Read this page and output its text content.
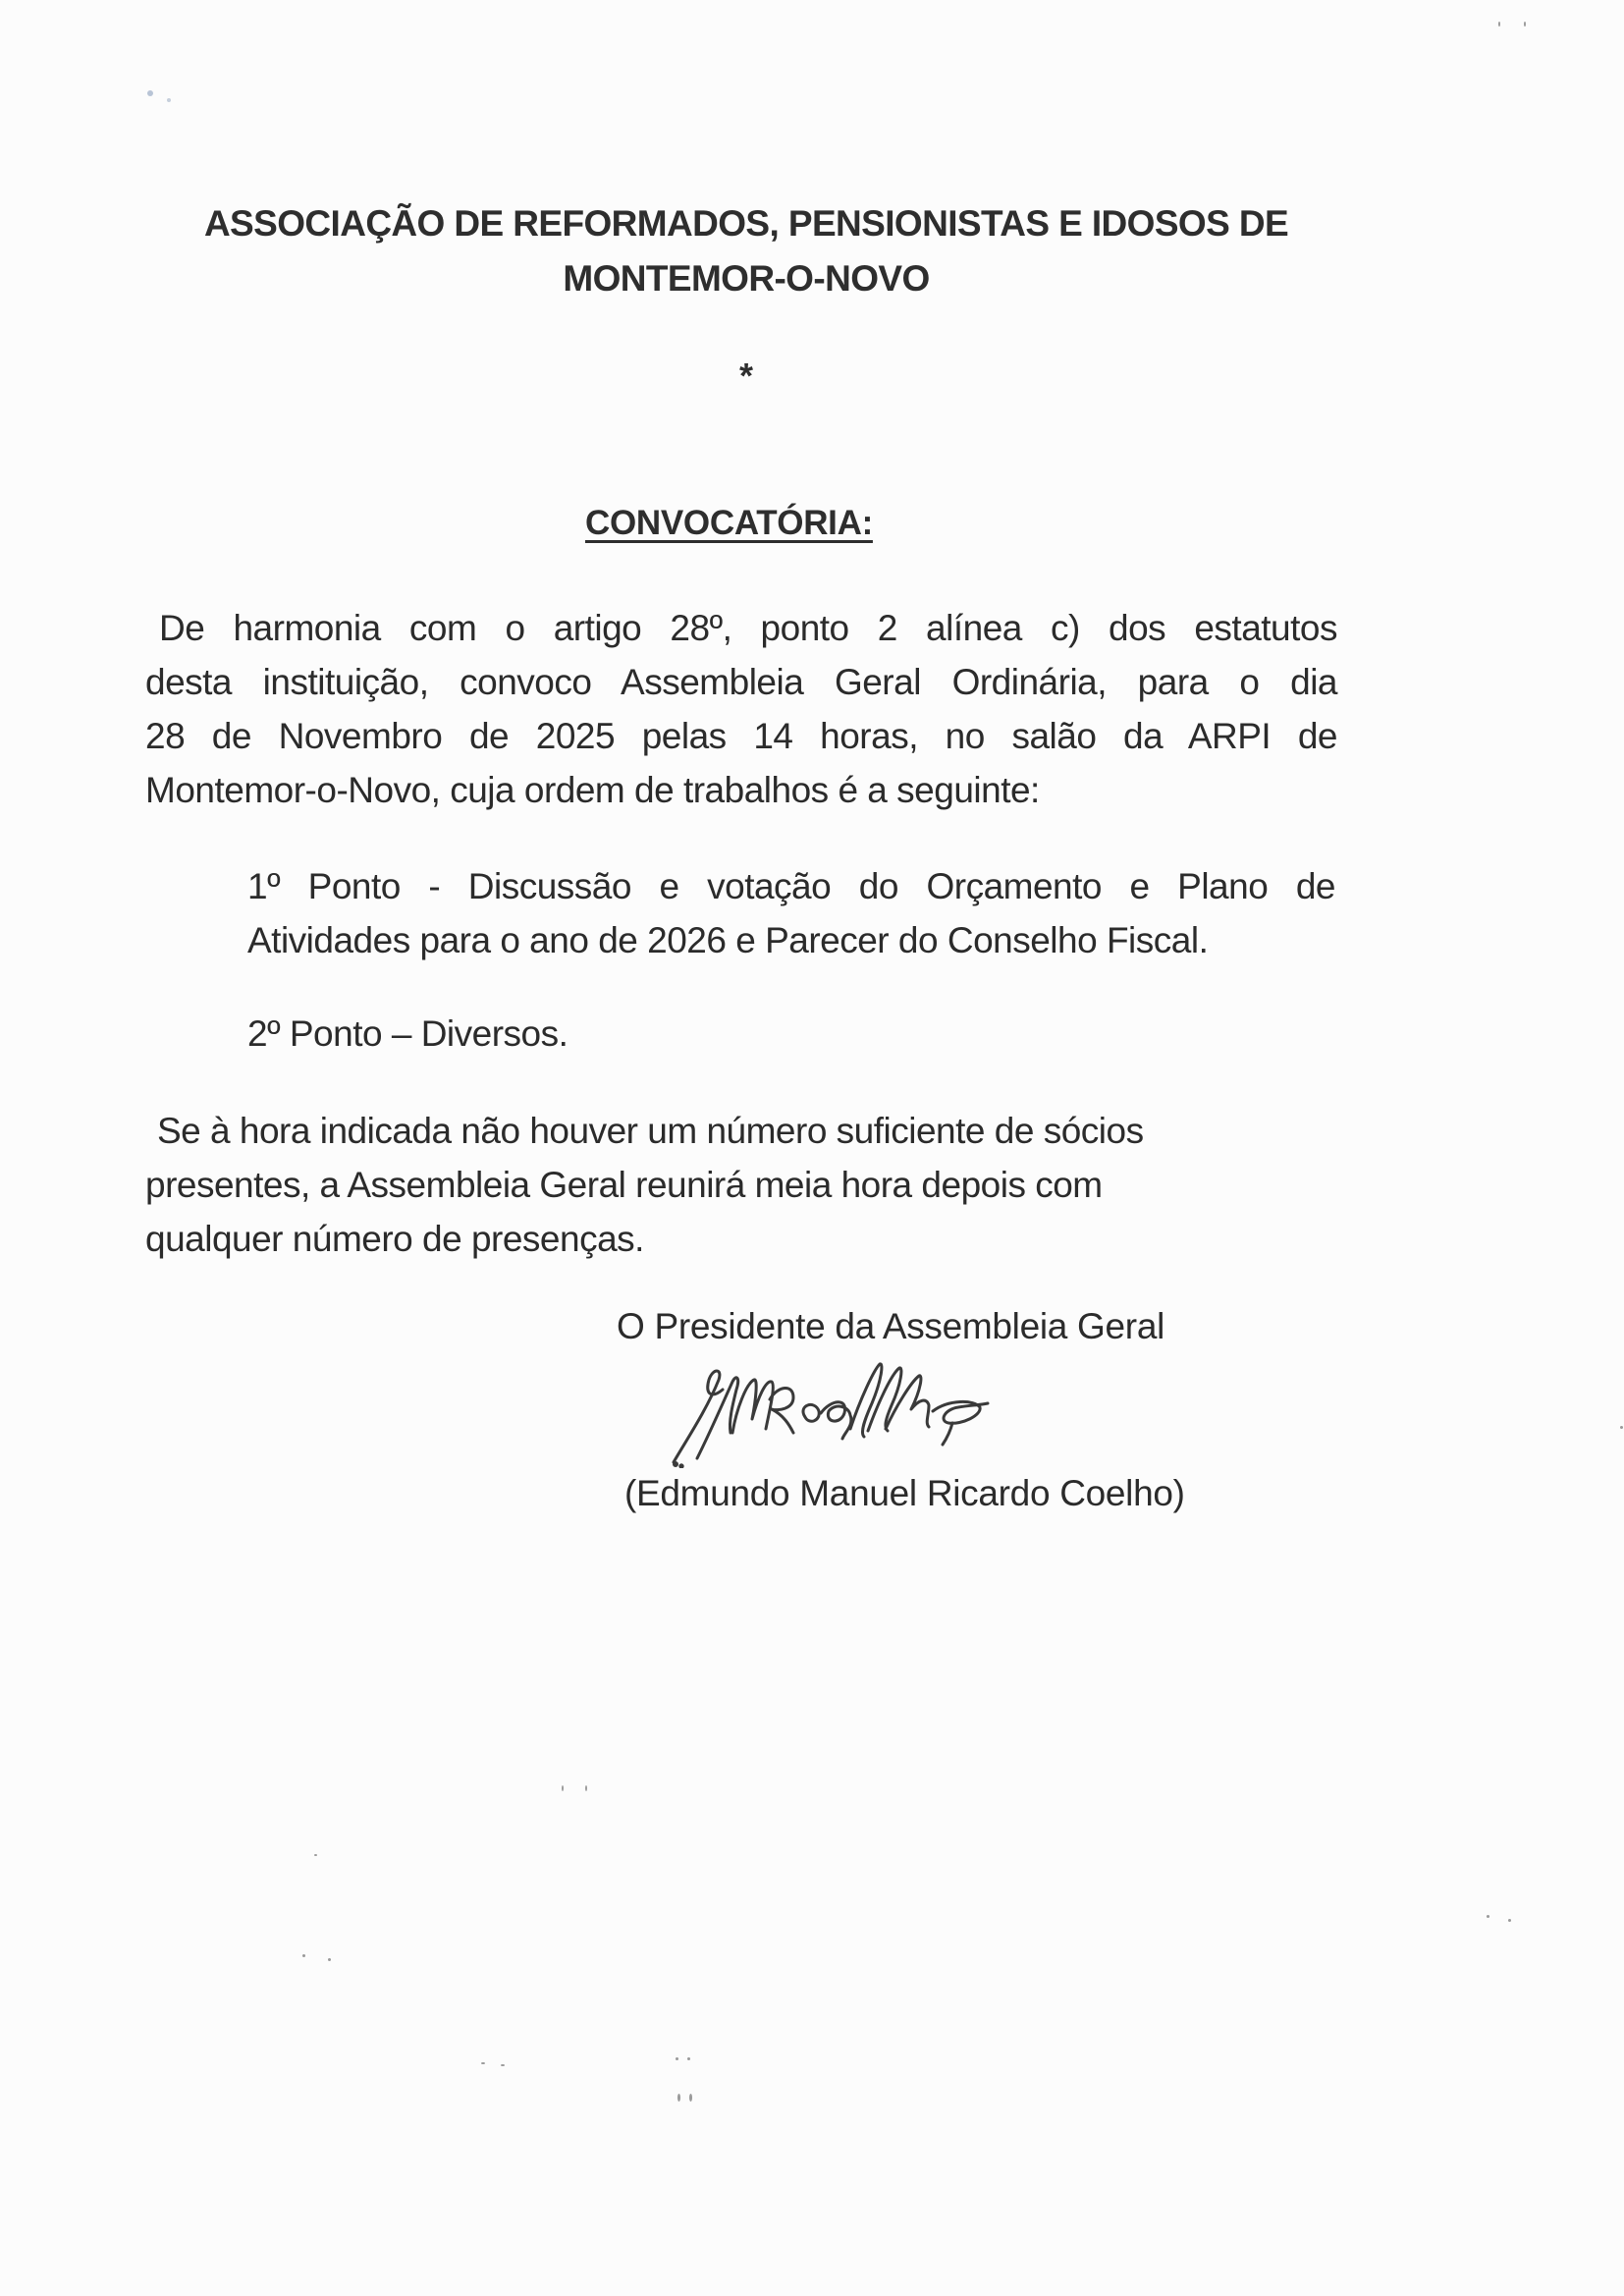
ASSOCIAÇÃO DE REFORMADOS, PENSIONISTAS E IDOSOS DE
MONTEMOR-O-NOVO
*
CONVOCATÓRIA:
De harmonia com o artigo 28º, ponto 2 alínea c) dos estatutos
desta instituição, convoco Assembleia Geral Ordinária, para o dia
28 de Novembro de 2025 pelas 14 horas, no salão da ARPI de
Montemor-o-Novo, cuja ordem de trabalhos é a seguinte:
1º Ponto - Discussão e votação do Orçamento e Plano de
Atividades para o ano de 2026 e Parecer do Conselho Fiscal.
2º Ponto – Diversos.
Se à hora indicada não houver um número suficiente de sócios
presentes, a Assembleia Geral reunirá meia hora depois com
qualquer número de presenças.
O Presidente da Assembleia Geral
(Edmundo Manuel Ricardo Coelho)
